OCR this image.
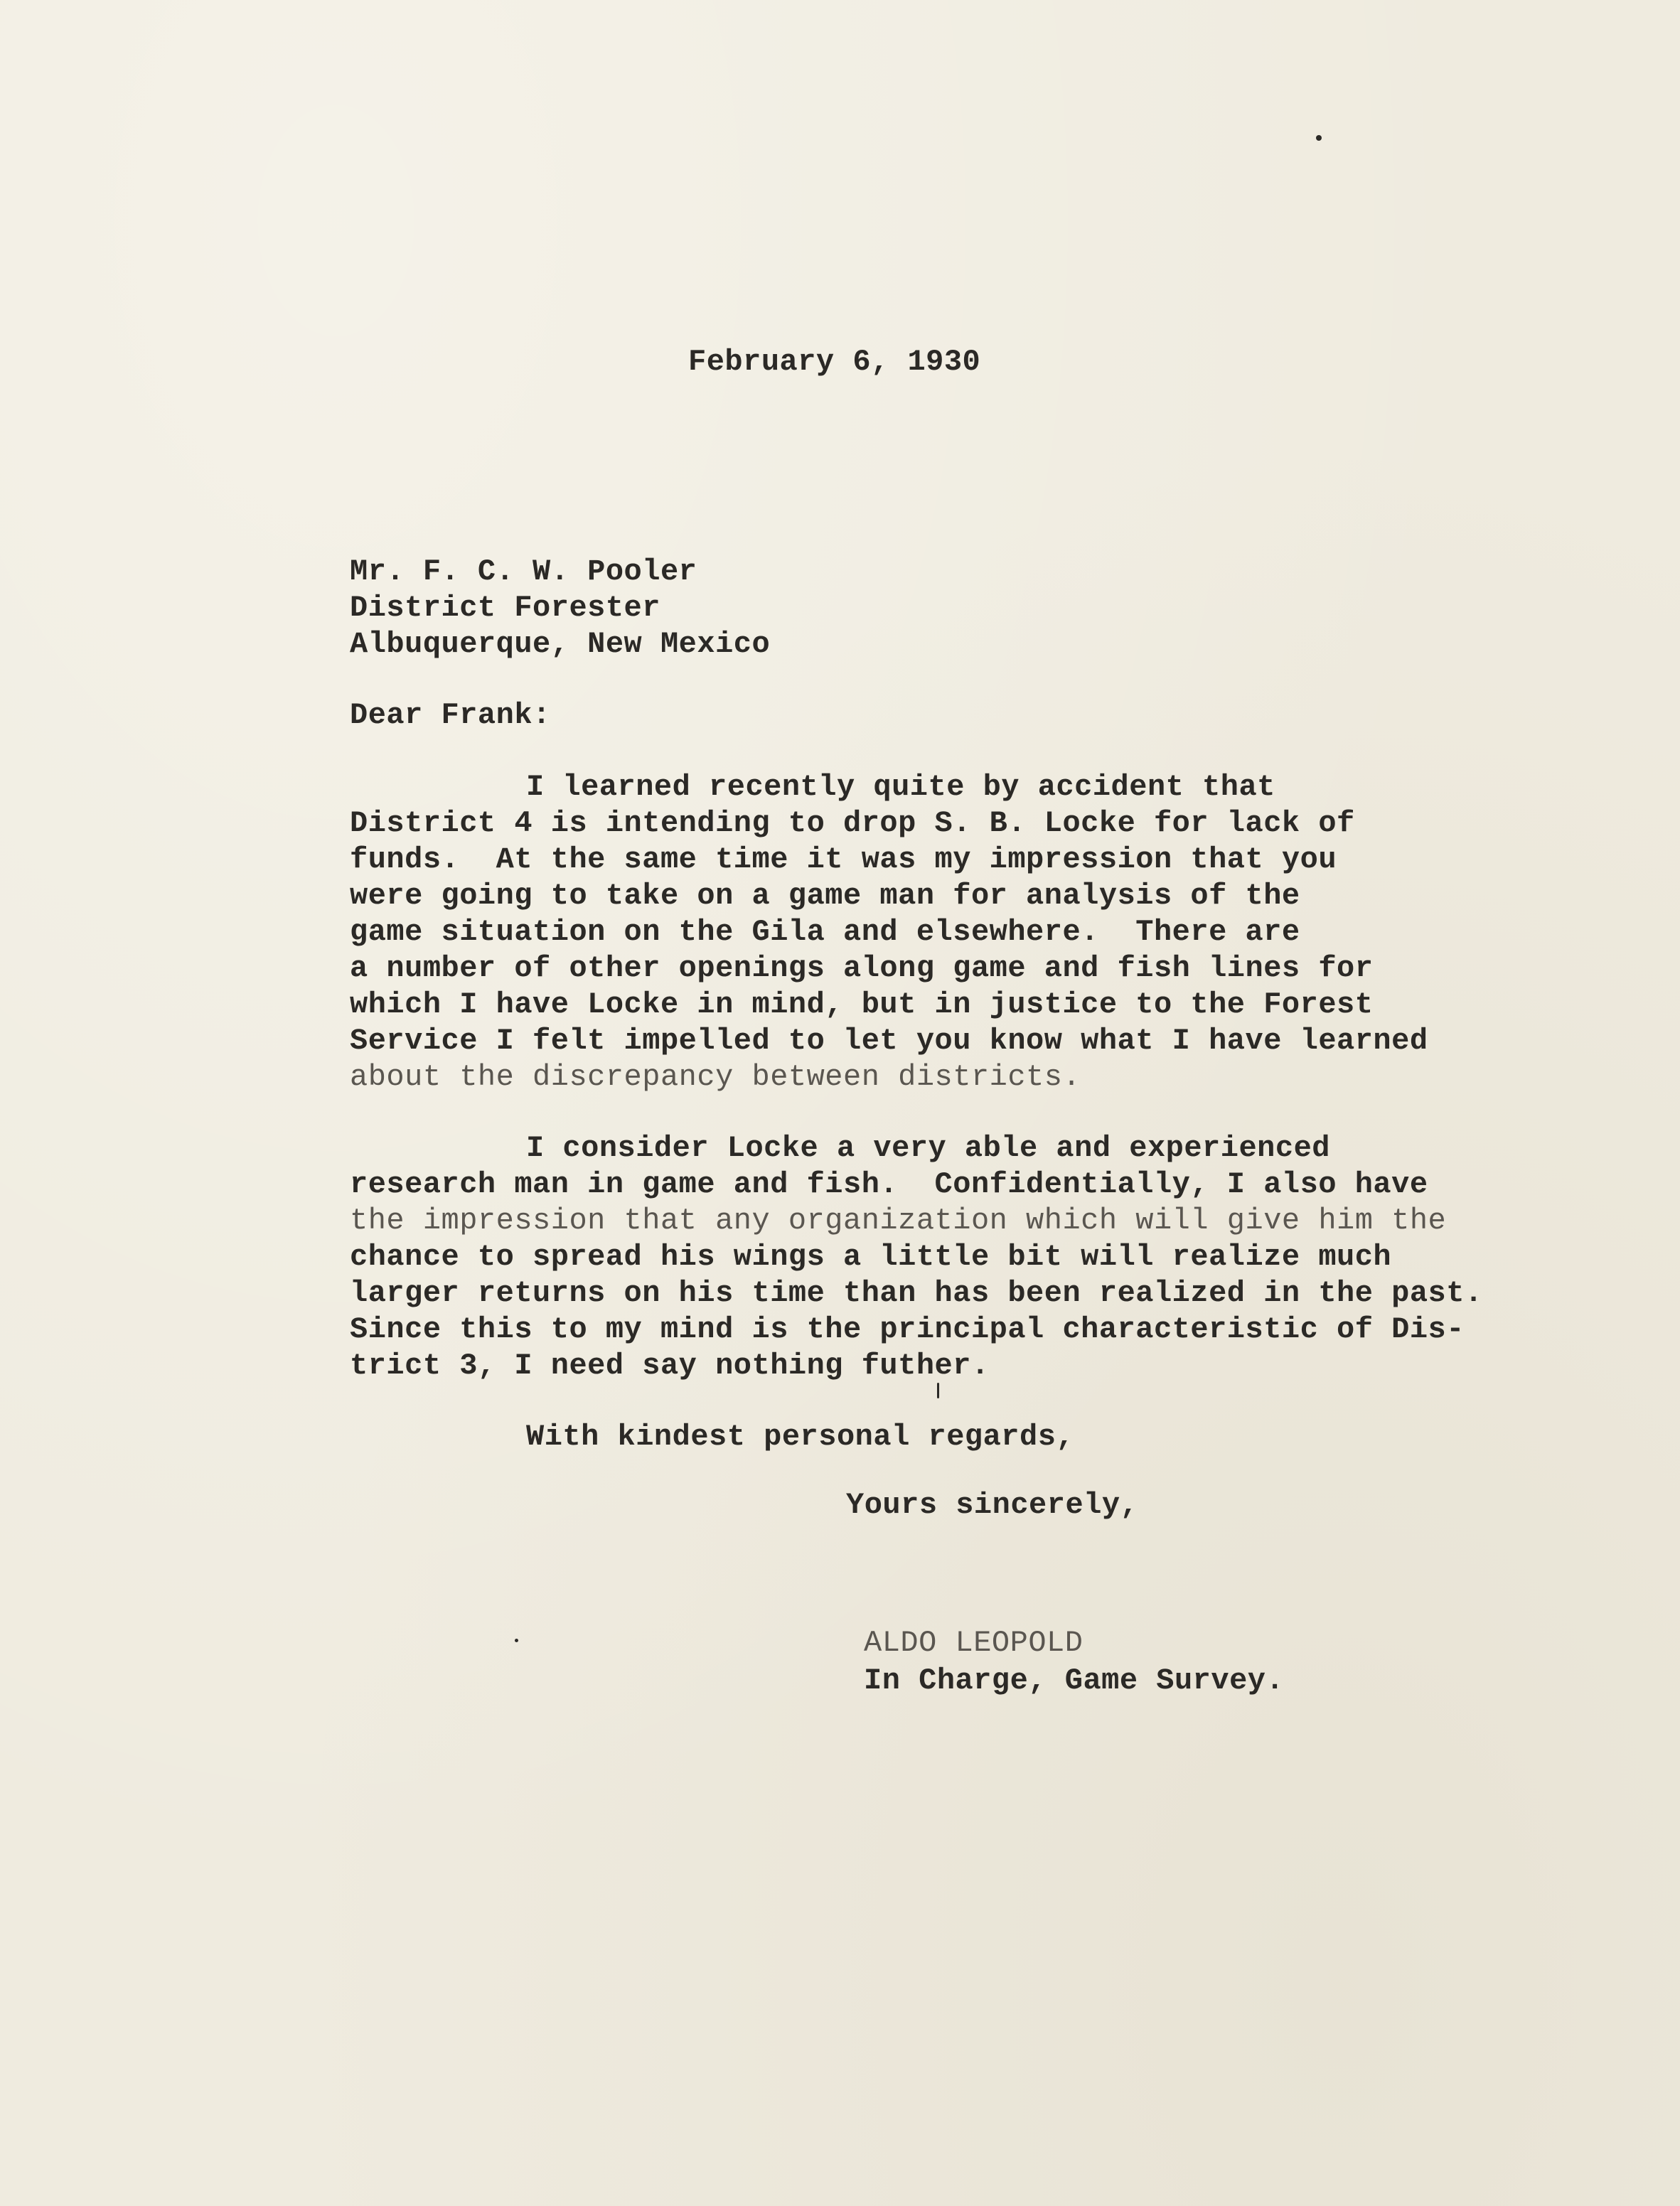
February 6, 1930
Mr. F. C. W. Pooler
District Forester
Albuquerque, New Mexico
Dear Frank:
I learned recently quite by accident that
District 4 is intending to drop S. B. Locke for lack of
funds.  At the same time it was my impression that you
were going to take on a game man for analysis of the
game situation on the Gila and elsewhere.  There are
a number of other openings along game and fish lines for
which I have Locke in mind, but in justice to the Forest
Service I felt impelled to let you know what I have learned
about the discrepancy between districts.
I consider Locke a very able and experienced
research man in game and fish.  Confidentially, I also have
the impression that any organization which will give him the
chance to spread his wings a little bit will realize much
larger returns on his time than has been realized in the past.
Since this to my mind is the principal characteristic of Dis-
trict 3, I need say nothing futher.
With kindest personal regards,
Yours sincerely,
ALDO LEOPOLD
In Charge, Game Survey.
